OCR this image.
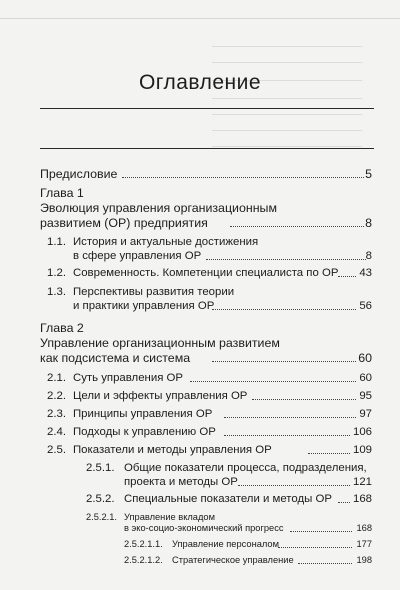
Оглавление
Предисловие	5
Глава 1
Эволюция управления организационным
развитием (ОР) предприятия	8
1.1. История и актуальные достижения
в сфере управления ОР	8
1.2. Современность. Компетенции специалиста по ОР 43
1.3. Перспективы развития теории
и практики управления ОР	56
Глава 2
Управление организационным развитием
как подсистема и система	60
2.1. Суть управления ОР	60
2.2. Цели и эффекты управления ОР	95
2.3. Принципы управления ОР	97
2.4. Подходы к управлению ОР	106
2.5. Показатели и методы управления ОР	109
2.5.1. Общие показатели процесса, подразделения,
проекта и методы ОР	121
2.5.2. Специальные показатели и методы ОР 168
2.5.2.1. Управление вкладом
в эко-социо-экономический прогресс	168
2.5.2.1.1. Управление персоналом	177
2.5.2.1.2. Стратегическое управление	198
